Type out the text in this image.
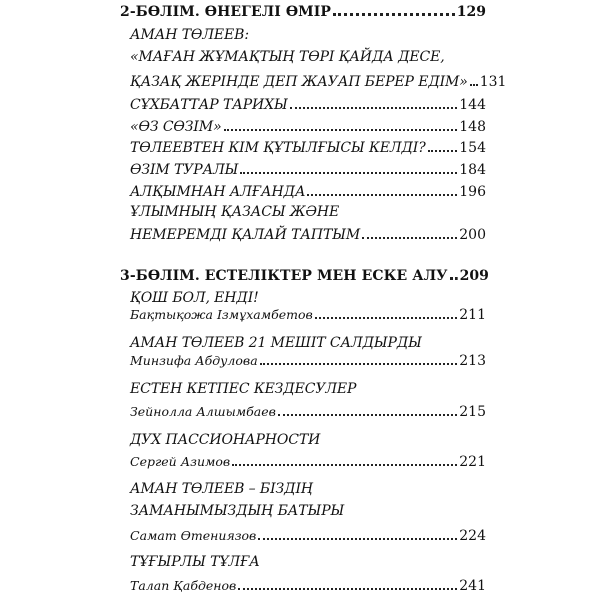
2-БӨЛІМ. ӨНЕГЕЛІ ӨМІР	129
АМАН ТӨЛЕЕВ:
«МАҒАН ЖҰМАҚТЫҢ ТӨРІ ҚАЙДА ДЕСЕ,
ҚАЗАҚ ЖЕРІНДЕ ДЕП ЖАУАП БЕРЕР ЕДІМ» 131
СҰХБАТТАР ТАРИХЫ	144
«ӨЗ СӨЗІМ»	148
ТӨЛЕЕВТЕН КІМ ҚҰТЫЛҒЫСЫ КЕЛДІ? 154
ӨЗІМ ТУРАЛЫ	184
АЛҚЫМНАН АЛҒАНДА	196
ҰЛЫМНЫҢ ҚАЗАСЫ ЖӘНЕ
НЕМЕРЕМДІ ҚАЛАЙ ТАПТЫМ	200
3-БӨЛІМ. ЕСТЕЛІКТЕР МЕН ЕСКЕ АЛУ 209
ҚОШ БОЛ, ЕНДІ!
Бақтықожа Ізмұхамбетов	211
АМАН ТӨЛЕЕВ 21 МЕШІТ САЛДЫРДЫ
Минзифа Абдулова	213
ЕСТЕН КЕТПЕС КЕЗДЕСУЛЕР
Зейнолла Алшымбаев	215
ДУХ ПАССИОНАРНОСТИ
Сергей Азимов	221
АМАН ТӨЛЕЕВ – БІЗДІҢ
ЗАМАНЫМЫЗДЫҢ БАТЫРЫ
Самат Өтениязов	224
ТҰҒЫРЛЫ ТҰЛҒА
Талап Қабденов	241
